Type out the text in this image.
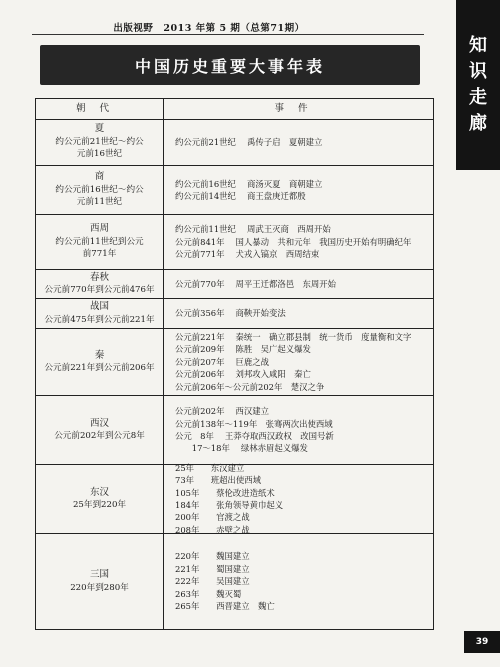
出版视野　2013 年第 5 期（总第71期）
中国历史重要大事年表
知
识
走
廊
朝代	事件
夏
约公元前21世纪～约公
元前16世纪
约公元前21世纪　 禹传子启　夏朝建立
商
约公元前16世纪～约公
元前11世纪
约公元前16世纪　 商汤灭夏　商朝建立
约公元前14世纪　 商王盘庚迁都殷
西周
约公元前11世纪到公元
前771年
约公元前11世纪　 周武王灭商　西周开始
公元前841年　 国人暴动　共和元年　我国历史开始有明确纪年
公元前771年　 犬戎入镐京　西周结束
春秋
公元前770年到公元前476年
公元前770年　 周平王迁都洛邑　东周开始
战国
公元前475年到公元前221年
公元前356年　 商鞅开始变法
秦
公元前221年到公元前206年
公元前221年　 秦统一　确立郡县制　统一货币　度量衡和文字
公元前209年　 陈胜　吴广起义爆发
公元前207年　 巨鹿之战
公元前206年　 刘邦攻入咸阳　秦亡
公元前206年～公元前202年　楚汉之争
西汉
公元前202年到公元8年
公元前202年　 西汉建立
公元前138年～119年　张骞两次出使西域
公元　8年　 王莽夺取西汉政权　改国号新
　　17～18年　 绿林赤眉起义爆发
东汉
25年到220年
25年　　东汉建立
73年　　班超出使西域
105年　　蔡伦改进造纸术
184年　　张角领导黄巾起义
200年　　官渡之战
208年　　赤壁之战
三国
220年到280年
220年　　魏国建立
221年　　蜀国建立
222年　　吴国建立
263年　　魏灭蜀
265年　　西晋建立　魏亡
39
